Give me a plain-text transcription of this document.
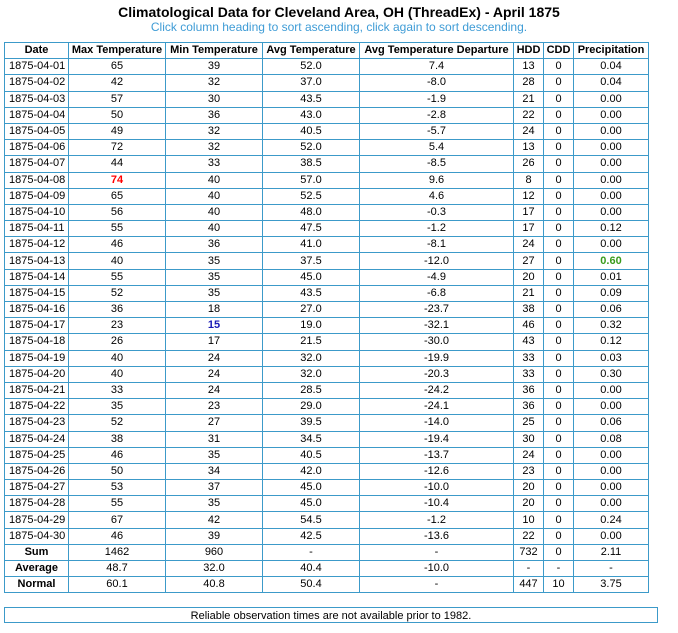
Climatological Data for Cleveland Area, OH (ThreadEx) - April 1875
Click column heading to sort ascending, click again to sort descending.
Date	Max Temperature	Min Temperature	Avg Temperature	Avg Temperature Departure	HDD	CDD	Precipitation
1875-04-01	65	39	52.0	7.4	13	0	0.04
1875-04-02	42	32	37.0	-8.0	28	0	0.04
1875-04-03	57	30	43.5	-1.9	21	0	0.00
1875-04-04	50	36	43.0	-2.8	22	0	0.00
1875-04-05	49	32	40.5	-5.7	24	0	0.00
1875-04-06	72	32	52.0	5.4	13	0	0.00
1875-04-07	44	33	38.5	-8.5	26	0	0.00
1875-04-08	74	40	57.0	9.6	8	0	0.00
1875-04-09	65	40	52.5	4.6	12	0	0.00
1875-04-10	56	40	48.0	-0.3	17	0	0.00
1875-04-11	55	40	47.5	-1.2	17	0	0.12
1875-04-12	46	36	41.0	-8.1	24	0	0.00
1875-04-13	40	35	37.5	-12.0	27	0	0.60
1875-04-14	55	35	45.0	-4.9	20	0	0.01
1875-04-15	52	35	43.5	-6.8	21	0	0.09
1875-04-16	36	18	27.0	-23.7	38	0	0.06
1875-04-17	23	15	19.0	-32.1	46	0	0.32
1875-04-18	26	17	21.5	-30.0	43	0	0.12
1875-04-19	40	24	32.0	-19.9	33	0	0.03
1875-04-20	40	24	32.0	-20.3	33	0	0.30
1875-04-21	33	24	28.5	-24.2	36	0	0.00
1875-04-22	35	23	29.0	-24.1	36	0	0.00
1875-04-23	52	27	39.5	-14.0	25	0	0.06
1875-04-24	38	31	34.5	-19.4	30	0	0.08
1875-04-25	46	35	40.5	-13.7	24	0	0.00
1875-04-26	50	34	42.0	-12.6	23	0	0.00
1875-04-27	53	37	45.0	-10.0	20	0	0.00
1875-04-28	55	35	45.0	-10.4	20	0	0.00
1875-04-29	67	42	54.5	-1.2	10	0	0.24
1875-04-30	46	39	42.5	-13.6	22	0	0.00
Sum	1462	960	-	-	732	0	2.11
Average	48.7	32.0	40.4	-10.0	-	-	-
Normal	60.1	40.8	50.4	-	447	10	3.75
Reliable observation times are not available prior to 1982.
